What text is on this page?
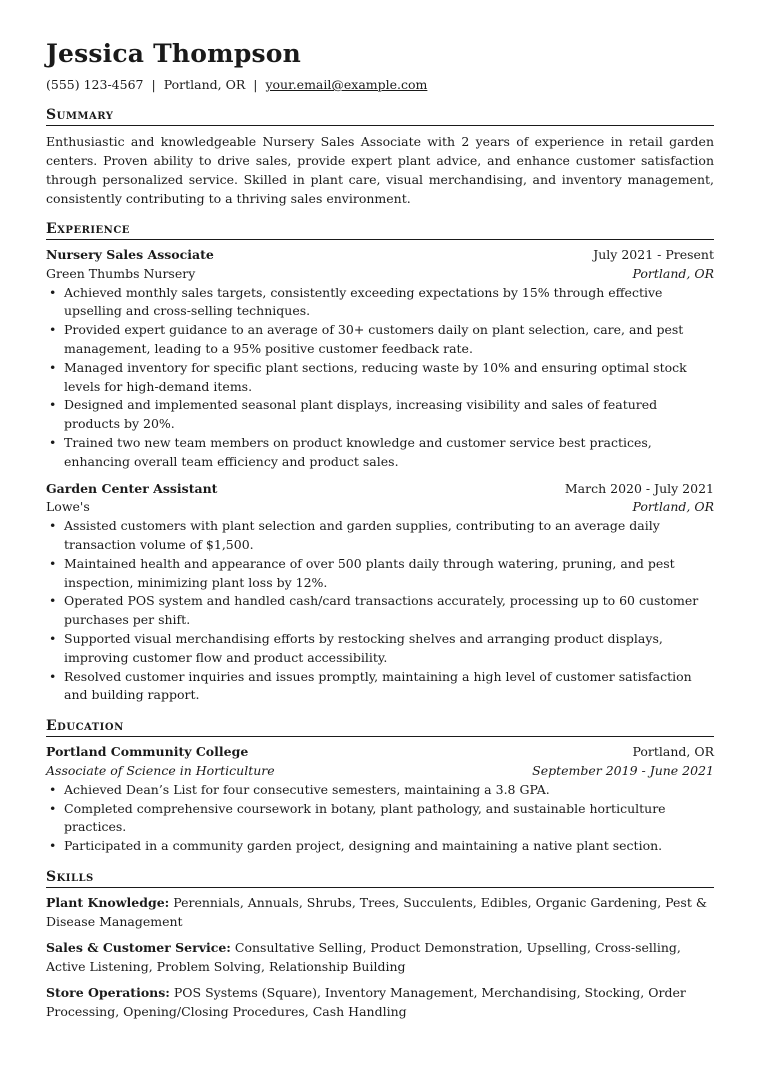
Jessica Thompson
(555) 123-4567 | Portland, OR | your.email@example.com
Summary
Enthusiastic and knowledgeable Nursery Sales Associate with 2 years of experience in retail garden centers. Proven ability to drive sales, provide expert plant advice, and enhance customer satisfaction through personalized service. Skilled in plant care, visual merchandising, and inventory management, consistently contributing to a thriving sales environment.
Experience
Nursery Sales Associate	July 2021 - Present
Green Thumbs Nursery	Portland, OR
• Achieved monthly sales targets, consistently exceeding expectations by 15% through effective upselling and cross-selling techniques.
• Provided expert guidance to an average of 30+ customers daily on plant selection, care, and pest management, leading to a 95% positive customer feedback rate.
• Managed inventory for specific plant sections, reducing waste by 10% and ensuring optimal stock levels for high-demand items.
• Designed and implemented seasonal plant displays, increasing visibility and sales of featured products by 20%.
• Trained two new team members on product knowledge and customer service best practices, enhancing overall team efficiency and product sales.
Garden Center Assistant	March 2020 - July 2021
Lowe's	Portland, OR
• Assisted customers with plant selection and garden supplies, contributing to an average daily transaction volume of $1,500.
• Maintained health and appearance of over 500 plants daily through watering, pruning, and pest inspection, minimizing plant loss by 12%.
• Operated POS system and handled cash/card transactions accurately, processing up to 60 customer purchases per shift.
• Supported visual merchandising efforts by restocking shelves and arranging product displays, improving customer flow and product accessibility.
• Resolved customer inquiries and issues promptly, maintaining a high level of customer satisfaction and building rapport.
Education
Portland Community College	Portland, OR
Associate of Science in Horticulture	September 2019 - June 2021
• Achieved Dean’s List for four consecutive semesters, maintaining a 3.8 GPA.
• Completed comprehensive coursework in botany, plant pathology, and sustainable horticulture practices.
• Participated in a community garden project, designing and maintaining a native plant section.
Skills
Plant Knowledge: Perennials, Annuals, Shrubs, Trees, Succulents, Edibles, Organic Gardening, Pest & Disease Management
Sales & Customer Service: Consultative Selling, Product Demonstration, Upselling, Cross-selling, Active Listening, Problem Solving, Relationship Building
Store Operations: POS Systems (Square), Inventory Management, Merchandising, Stocking, Order Processing, Opening/Closing Procedures, Cash Handling
